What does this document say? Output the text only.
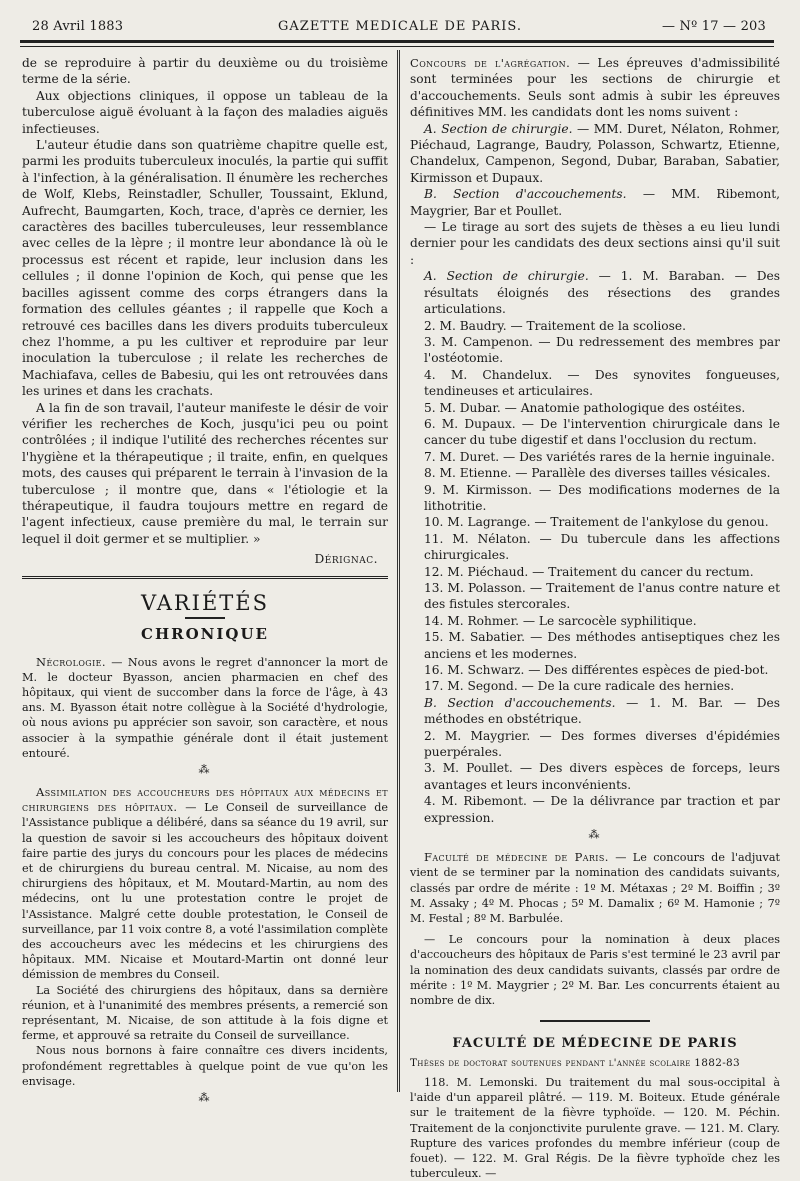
28 Avril 1883	GAZETTE MEDICALE DE PARIS.	— Nº 17 — 203

de se reproduire à partir du deuxième ou du troisième terme de la série.

Aux objections cliniques, il oppose un tableau de la tuberculose aiguë évoluant à la façon des maladies aiguës infectieuses.

L'auteur étudie dans son quatrième chapitre quelle est, parmi les produits tuberculeux inoculés, la partie qui suffit à l'infection, à la généralisation. Il énumère les recherches de Wolf, Klebs, Reinstadler, Schuller, Toussaint, Eklund, Aufrecht, Baumgarten, Koch, trace, d'après ce dernier, les caractères des bacilles tuberculeuses, leur ressemblance avec celles de la lèpre ; il montre leur abondance là où le processus est récent et rapide, leur inclusion dans les cellules ; il donne l'opinion de Koch, qui pense que les bacilles agissent comme des corps étrangers dans la formation des cellules géantes ; il rappelle que Koch a retrouvé ces bacilles dans les divers produits tuberculeux chez l'homme, a pu les cultiver et reproduire par leur inoculation la tuberculose ; il relate les recherches de Machiafava, celles de Babesiu, qui les ont retrouvées dans les urines et dans les crachats.

A la fin de son travail, l'auteur manifeste le désir de voir vérifier les recherches de Koch, jusqu'ici peu ou point contrôlées ; il indique l'utilité des recherches récentes sur l'hygiène et la thérapeutique ; il traite, enfin, en quelques mots, des causes qui préparent le terrain à l'invasion de la tuberculose ; il montre que, dans « l'étiologie et la thérapeutique, il faudra toujours mettre en regard de l'agent infectieux, cause première du mal, le terrain sur lequel il doit germer et se multiplier. »

Dérignac.

VARIÉTÉS
CHRONIQUE

Nécrologie. — Nous avons le regret d'annoncer la mort de M. le docteur Byasson, ancien pharmacien en chef des hôpitaux, qui vient de succomber dans la force de l'âge, à 43 ans. M. Byasson était notre collègue à la Société d'hydrologie, où nous avions pu apprécier son savoir, son caractère, et nous associer à la sympathie générale dont il était justement entouré.

⁂

Assimilation des accoucheurs des hôpitaux aux médecins et chirurgiens des hôpitaux. — Le Conseil de surveillance de l'Assistance publique a délibéré, dans sa séance du 19 avril, sur la question de savoir si les accoucheurs des hôpitaux doivent faire partie des jurys du concours pour les places de médecins et de chirurgiens du bureau central. M. Nicaise, au nom des chirurgiens des hôpitaux, et M. Moutard-Martin, au nom des médecins, ont lu une protestation contre le projet de l'Assistance. Malgré cette double protestation, le Conseil de surveillance, par 11 voix contre 8, a voté l'assimilation complète des accoucheurs avec les médecins et les chirurgiens des hôpitaux. MM. Nicaise et Moutard-Martin ont donné leur démission de membres du Conseil.

La Société des chirurgiens des hôpitaux, dans sa dernière réunion, et à l'unanimité des membres présents, a remercié son représentant, M. Nicaise, de son attitude à la fois digne et ferme, et approuvé sa retraite du Conseil de surveillance.

Nous nous bornons à faire connaître ces divers incidents, profondément regrettables à quelque point de vue qu'on les envisage.

⁂

Concours de l'agrégation. — Les épreuves d'admissibilité sont terminées pour les sections de chirurgie et d'accouchements. Seuls sont admis à subir les épreuves définitives MM. les candidats dont les noms suivent :

A. Section de chirurgie. — MM. Duret, Nélaton, Rohmer, Piéchaud, Lagrange, Baudry, Polasson, Schwartz, Etienne, Chandelux, Campenon, Segond, Dubar, Baraban, Sabatier, Kirmisson et Dupaux.

B. Section d'accouchements. — MM. Ribemont, Maygrier, Bar et Poullet.

— Le tirage au sort des sujets de thèses a eu lieu lundi dernier pour les candidats des deux sections ainsi qu'il suit :

A. Section de chirurgie. — 1. M. Baraban. — Des résultats éloignés des résections des grandes articulations.

2. M. Baudry. — Traitement de la scoliose.

3. M. Campenon. — Du redressement des membres par l'ostéotomie.

4. M. Chandelux. — Des synovites fongueuses, tendineuses et articulaires.

5. M. Dubar. — Anatomie pathologique des ostéites.

6. M. Dupaux. — De l'intervention chirurgicale dans le cancer du tube digestif et dans l'occlusion du rectum.

7. M. Duret. — Des variétés rares de la hernie inguinale.

8. M. Etienne. — Parallèle des diverses tailles vésicales.

9. M. Kirmisson. — Des modifications modernes de la lithotritie.

10. M. Lagrange. — Traitement de l'ankylose du genou.

11. M. Nélaton. — Du tubercule dans les affections chirurgicales.

12. M. Piéchaud. — Traitement du cancer du rectum.

13. M. Polasson. — Traitement de l'anus contre nature et des fistules stercorales.

14. M. Rohmer. — Le sarcocèle syphilitique.

15. M. Sabatier. — Des méthodes antiseptiques chez les anciens et les modernes.

16. M. Schwarz. — Des différentes espèces de pied-bot.

17. M. Segond. — De la cure radicale des hernies.

B. Section d'accouchements. — 1. M. Bar. — Des méthodes en obstétrique.

2. M. Maygrier. — Des formes diverses d'épidémies puerpérales.

3. M. Poullet. — Des divers espèces de forceps, leurs avantages et leurs inconvénients.

4. M. Ribemont. — De la délivrance par traction et par expression.

⁂

Faculté de médecine de Paris. — Le concours de l'adjuvat vient de se terminer par la nomination des candidats suivants, classés par ordre de mérite : 1º M. Métaxas ; 2º M. Boiffin ; 3º M. Assaky ; 4º M. Phocas ; 5º M. Damalix ; 6º M. Hamonie ; 7º M. Festal ; 8º M. Barbulée.

— Le concours pour la nomination à deux places d'accoucheurs des hôpitaux de Paris s'est terminé le 23 avril par la nomination des deux candidats suivants, classés par ordre de mérite : 1º M. Maygrier ; 2º M. Bar. Les concurrents étaient au nombre de dix.

FACULTÉ DE MÉDECINE DE PARIS

Thèses de doctorat soutenues pendant l'année scolaire 1882-83

118. M. Lemonski. Du traitement du mal sous-occipital à l'aide d'un appareil plâtré. — 119. M. Boiteux. Etude générale sur le traitement de la fièvre typhoïde. — 120. M. Péchin. Traitement de la conjonctivite purulente grave. — 121. M. Clary. Rupture des varices profondes du membre inférieur (coup de fouet). — 122. M. Gral Régis. De la fièvre typhoïde chez les tuberculeux. —
